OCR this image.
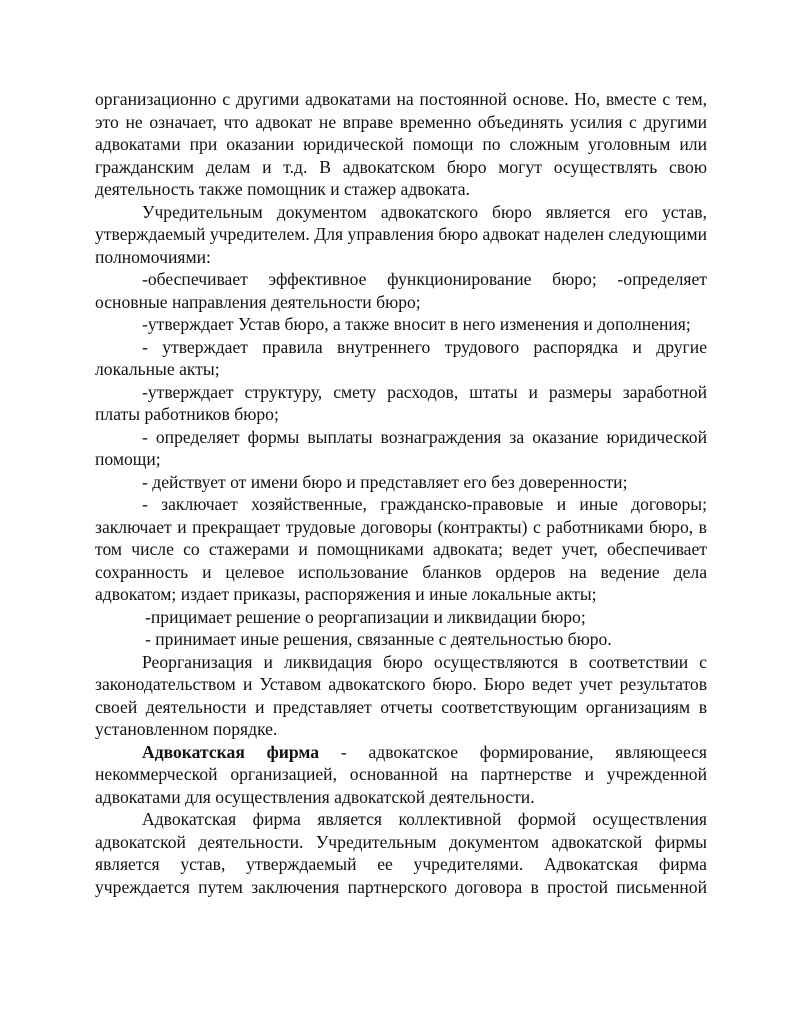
организационно с другими адвокатами на постоянной основе. Но, вместе с тем, это не означает, что адвокат не вправе временно объединять усилия с другими адвокатами при оказании юридической помощи по сложным уголовным или гражданским делам и т.д. В адвокатском бюро могут осуществлять свою деятельность также помощник и стажер адвоката.

Учредительным документом адвокатского бюро является его устав, утверждаемый учредителем. Для управления бюро адвокат наделен следующими полномочиями:

-обеспечивает эффективное функционирование бюро; -определяет основные направления деятельности бюро;

-утверждает Устав бюро, а также вносит в него изменения и дополнения;

- утверждает правила внутреннего трудового распорядка и другие локальные акты;

-утверждает структуру, смету расходов, штаты и размеры заработной платы работников бюро;

- определяет формы выплаты вознаграждения за оказание юридической помощи;

- действует от имени бюро и представляет его без доверенности;

- заключает хозяйственные, гражданско-правовые и иные договоры; заключает и прекращает трудовые договоры (контракты) с работниками бюро, в том числе со стажерами и помощниками адвоката; ведет учет, обеспечивает сохранность и целевое использование бланков ордеров на ведение дела адвокатом; издает приказы, распоряжения и иные локальные акты;

-прицимает решение о реоргапизации и ликвидации бюро;

- принимает иные решения, связанные с деятельностью бюро.

Реорганизация и ликвидация бюро осуществляются в соответствии с законодательством и Уставом адвокатского бюро. Бюро ведет учет результатов своей деятельности и представляет отчеты соответствующим организациям в установленном порядке.

Адвокатская фирма - адвокатское формирование, являющееся некоммерческой организацией, основанной на партнерстве и учрежденной адвокатами для осуществления адвокатской деятельности.

Адвокатская фирма является коллективной формой осуществления адвокатской деятельности. Учредительным документом адвокатской фирмы является устав, утверждаемый ее учредителями. Адвокатская фирма учреждается путем заключения партнерского договора в простой письменной
